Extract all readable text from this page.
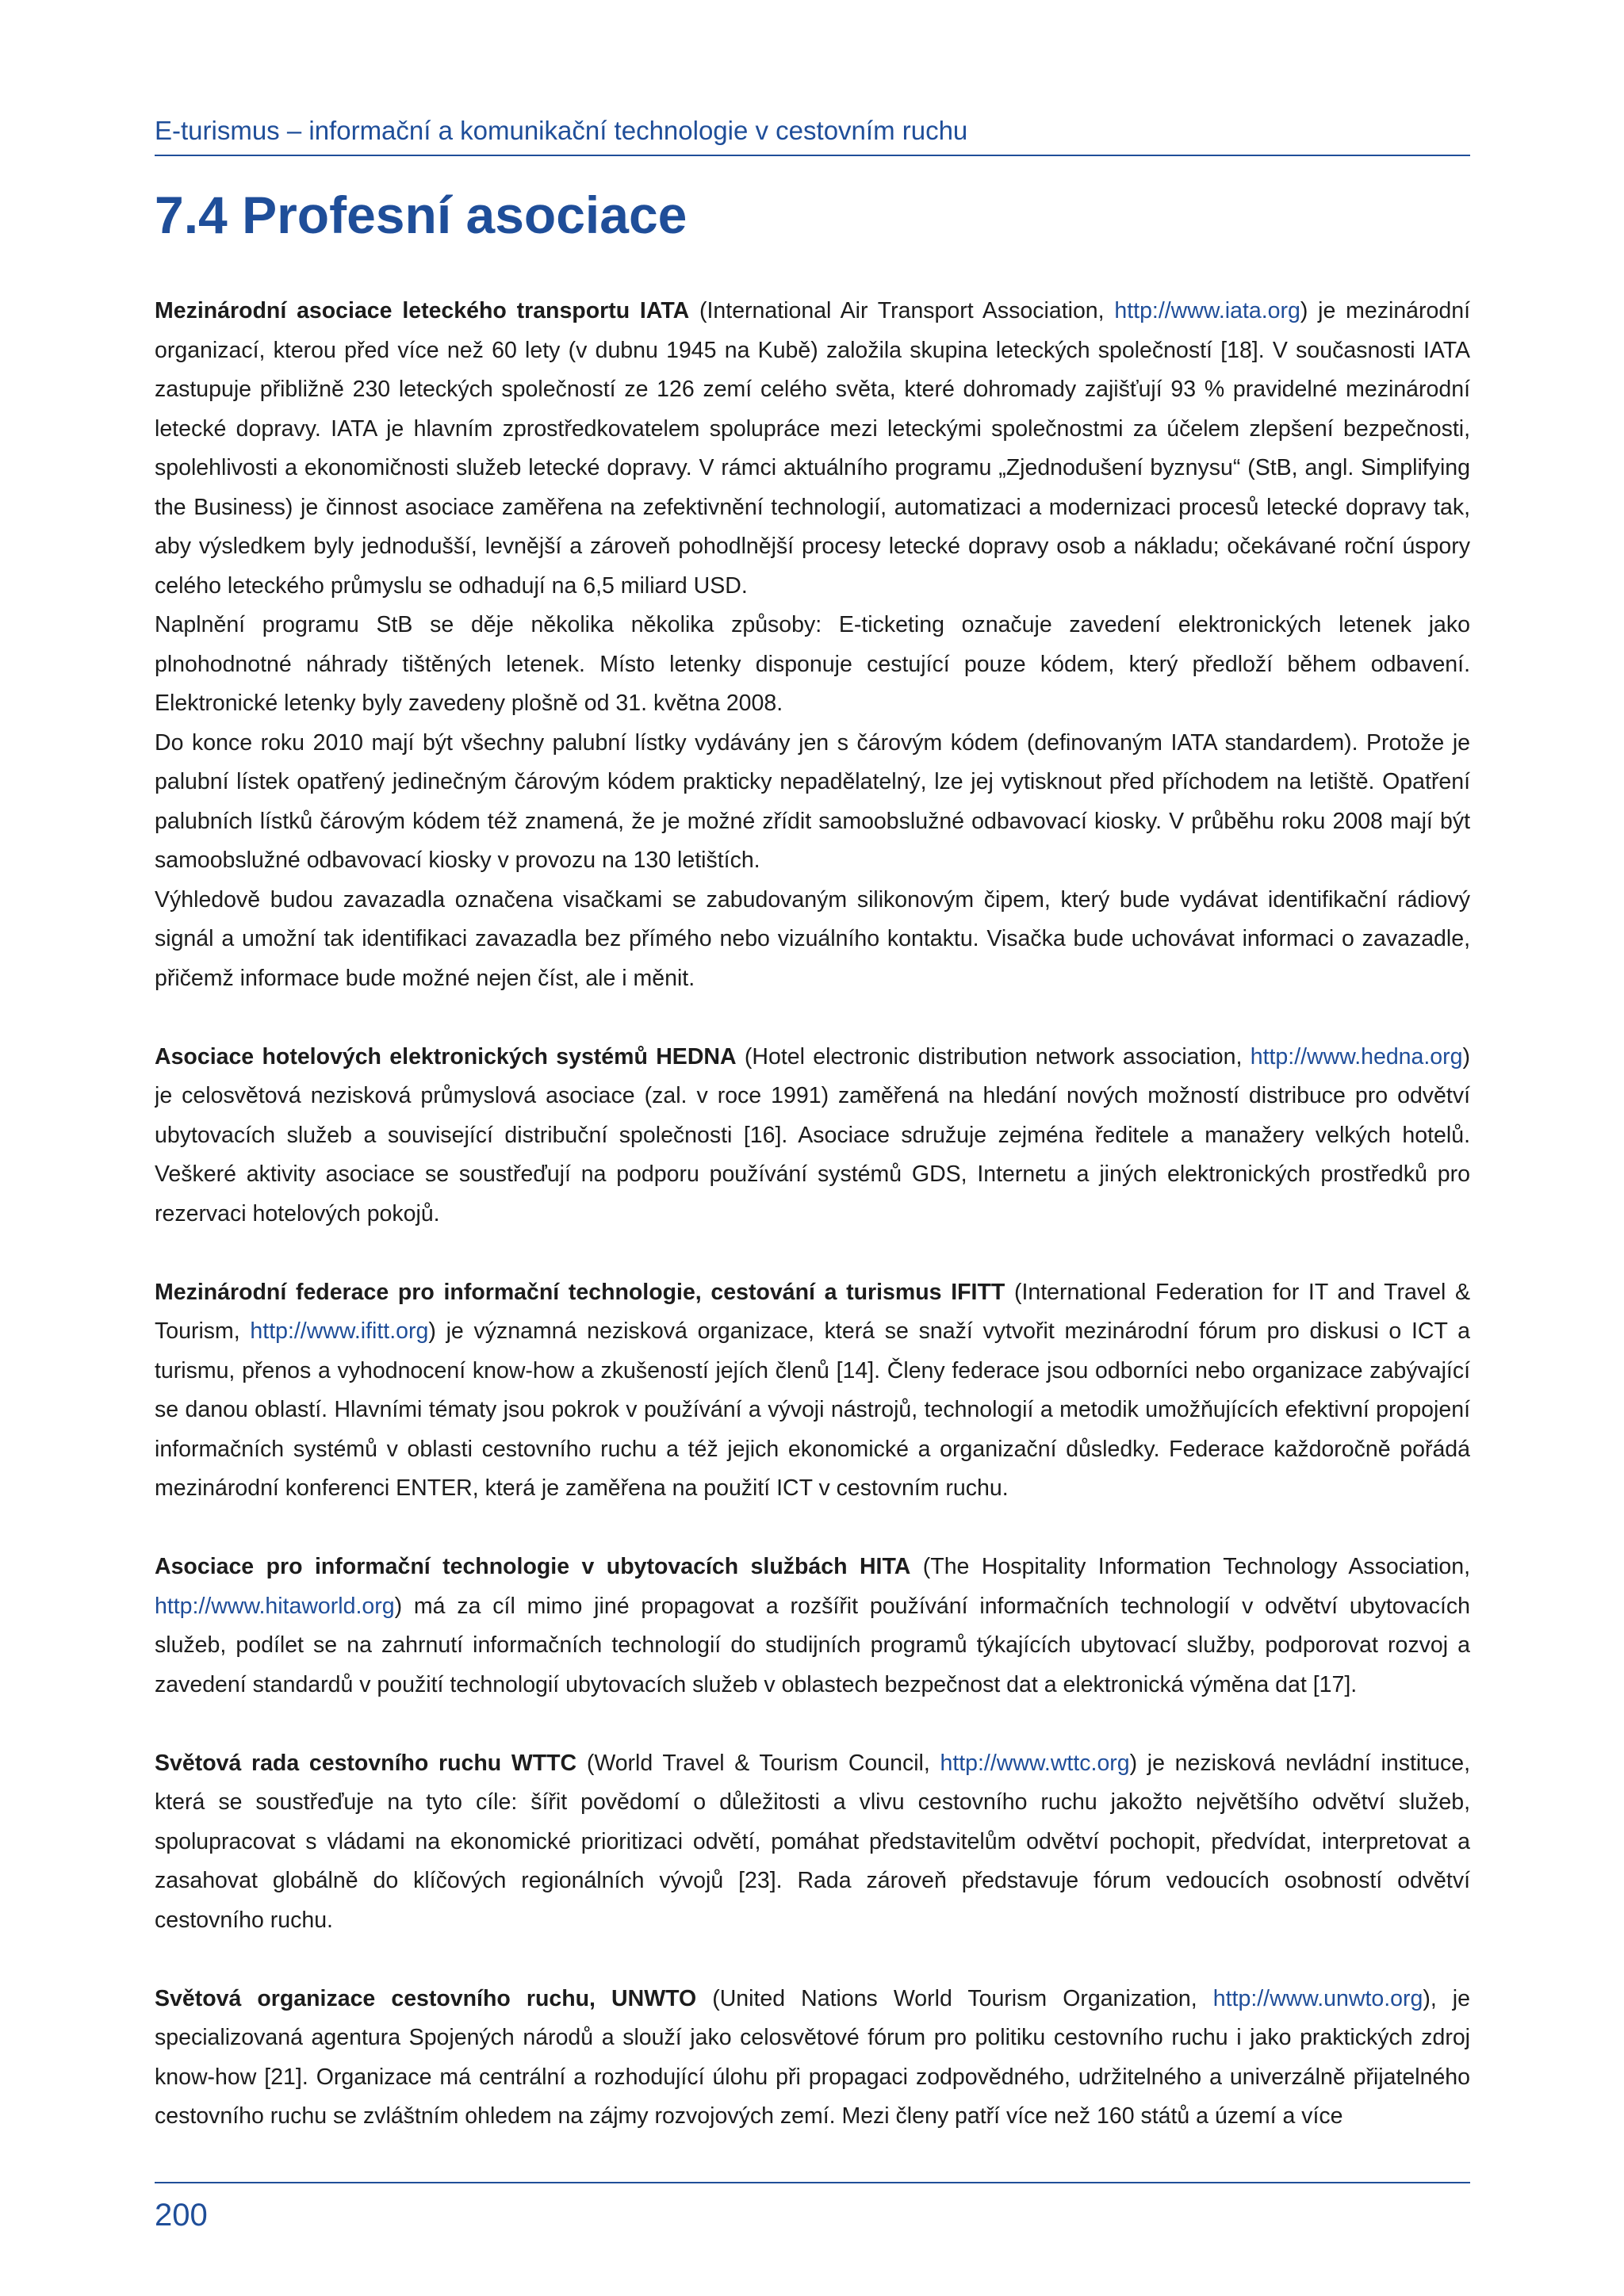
E-turismus – informační a komunikační technologie v cestovním ruchu
7.4 Profesní asociace

Mezinárodní asociace leteckého transportu IATA (International Air Transport Association, http://www.iata.org) je mezinárodní organizací, kterou před více než 60 lety (v dubnu 1945 na Kubě) založila skupina leteckých společností [18]. V současnosti IATA zastupuje přibližně 230 leteckých společností ze 126 zemí celého světa, které dohromady zajišťují 93 % pravidelné mezinárodní letecké dopravy. IATA je hlavním zprostředkovatelem spolupráce mezi leteckými společnostmi za účelem zlepšení bezpečnosti, spolehlivosti a ekonomičnosti služeb letecké dopravy. V rámci aktuálního programu „Zjednodušení byznysu“ (StB, angl. Simplifying the Business) je činnost asociace zaměřena na zefektivnění technologií, automatizaci a modernizaci procesů letecké dopravy tak, aby výsledkem byly jednodušší, levnější a zároveň pohodlnější procesy letecké dopravy osob a nákladu; očekávané roční úspory celého leteckého průmyslu se odhadují na 6,5 miliard USD.

Naplnění programu StB se děje několika několika způsoby: E-ticketing označuje zavedení elektronických letenek jako plnohodnotné náhrady tištěných letenek. Místo letenky disponuje cestující pouze kódem, který předloží během odbavení. Elektronické letenky byly zavedeny plošně od 31. května 2008.

Do konce roku 2010 mají být všechny palubní lístky vydávány jen s čárovým kódem (definovaným IATA standardem). Protože je palubní lístek opatřený jedinečným čárovým kódem prakticky nepadělatelný, lze jej vytisknout před příchodem na letiště. Opatření palubních lístků čárovým kódem též znamená, že je možné zřídit samoobslužné odbavovací kiosky. V průběhu roku 2008 mají být samoobslužné odbavovací kiosky v provozu na 130 letištích.

Výhledově budou zavazadla označena visačkami se zabudovaným silikonovým čipem, který bude vydávat identifikační rádiový signál a umožní tak identifikaci zavazadla bez přímého nebo vizuálního kontaktu. Visačka bude uchovávat informaci o zavazadle, přičemž informace bude možné nejen číst, ale i měnit.

Asociace hotelových elektronických systémů HEDNA (Hotel electronic distribution network association, http://www.hedna.org) je celosvětová nezisková průmyslová asociace (zal. v roce 1991) zaměřená na hledání nových možností distribuce pro odvětví ubytovacích služeb a související distribuční společnosti [16]. Asociace sdružuje zejména ředitele a manažery velkých hotelů. Veškeré aktivity asociace se soustřeďují na podporu používání systémů GDS, Internetu a jiných elektronických prostředků pro rezervaci hotelových pokojů.

Mezinárodní federace pro informační technologie, cestování a turismus IFITT (International Federation for IT and Travel & Tourism, http://www.ifitt.org) je významná nezisková organizace, která se snaží vytvořit mezinárodní fórum pro diskusi o ICT a turismu, přenos a vyhodnocení know-how a zkušeností jejích členů [14]. Členy federace jsou odborníci nebo organizace zabývající se danou oblastí. Hlavními tématy jsou pokrok v používání a vývoji nástrojů, technologií a metodik umožňujících efektivní propojení informačních systémů v oblasti cestovního ruchu a též jejich ekonomické a organizační důsledky. Federace každoročně pořádá mezinárodní konferenci ENTER, která je zaměřena na použití ICT v cestovním ruchu.

Asociace pro informační technologie v ubytovacích službách HITA (The Hospitality Information Technology Association, http://www.hitaworld.org) má za cíl mimo jiné propagovat a rozšířit používání informačních technologií v odvětví ubytovacích služeb, podílet se na zahrnutí informačních technologií do studijních programů týkajících ubytovací služby, podporovat rozvoj a zavedení standardů v použití technologií ubytovacích služeb v oblastech bezpečnost dat a elektronická výměna dat [17].

Světová rada cestovního ruchu WTTC (World Travel & Tourism Council, http://www.wttc.org) je nezisková nevládní instituce, která se soustřeďuje na tyto cíle: šířit povědomí o důležitosti a vlivu cestovního ruchu jakožto největšího odvětví služeb, spolupracovat s vládami na ekonomické prioritizaci odvětí, pomáhat představitelům odvětví pochopit, předvídat, interpretovat a zasahovat globálně do klíčových regionálních vývojů [23]. Rada zároveň představuje fórum vedoucích osobností odvětví cestovního ruchu.

Světová organizace cestovního ruchu, UNWTO (United Nations World Tourism Organization, http://www.unwto.org), je specializovaná agentura Spojených národů a slouží jako celosvětové fórum pro politiku cestovního ruchu i jako praktických zdroj know-how [21]. Organizace má centrální a rozhodující úlohu při propagaci zodpovědného, udržitelného a univerzálně přijatelného cestovního ruchu se zvláštním ohledem na zájmy rozvojových zemí. Mezi členy patří více než 160 států a území a více

200
